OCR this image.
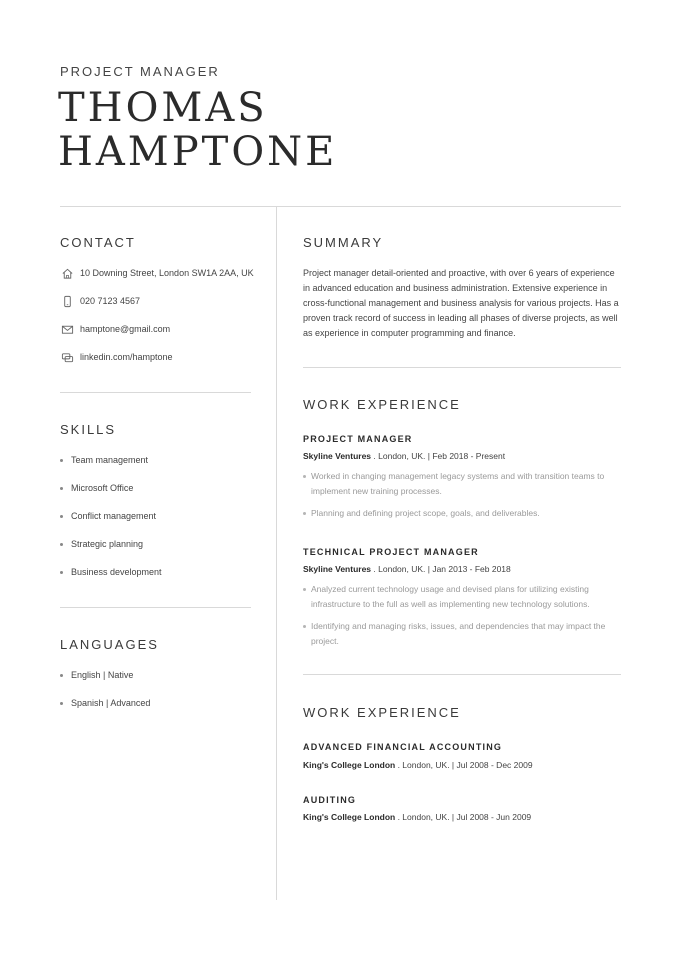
PROJECT MANAGER
THOMAS
HAMPTONE
CONTACT
10 Downing Street, London SW1A 2AA, UK
020 7123 4567
hamptone@gmail.com
linkedin.com/hamptone
SKILLS
Team management
Microsoft Office
Conflict management
Strategic planning
Business development
LANGUAGES
English | Native
Spanish | Advanced
SUMMARY
Project manager detail-oriented and proactive, with over 6 years of experience in advanced education and business administration. Extensive experience in cross-functional management and business analysis for various projects. Has a proven track record of success in leading all phases of diverse projects, as well as experience in computer programming and finance.
WORK EXPERIENCE
PROJECT MANAGER
Skyline Ventures . London, UK. | Feb 2018 - Present
Worked in changing management legacy systems and with transition teams to implement new training processes.
Planning and defining project scope, goals, and deliverables.
TECHNICAL PROJECT MANAGER
Skyline Ventures . London, UK. | Jan 2013 - Feb 2018
Analyzed current technology usage and devised plans for utilizing existing infrastructure to the full as well as implementing new technology solutions.
Identifying and managing risks, issues, and dependencies that may impact the project.
WORK EXPERIENCE
ADVANCED FINANCIAL ACCOUNTING
King's College London . London, UK. | Jul 2008 - Dec 2009
AUDITING
King's College London . London, UK. | Jul 2008 - Jun 2009
